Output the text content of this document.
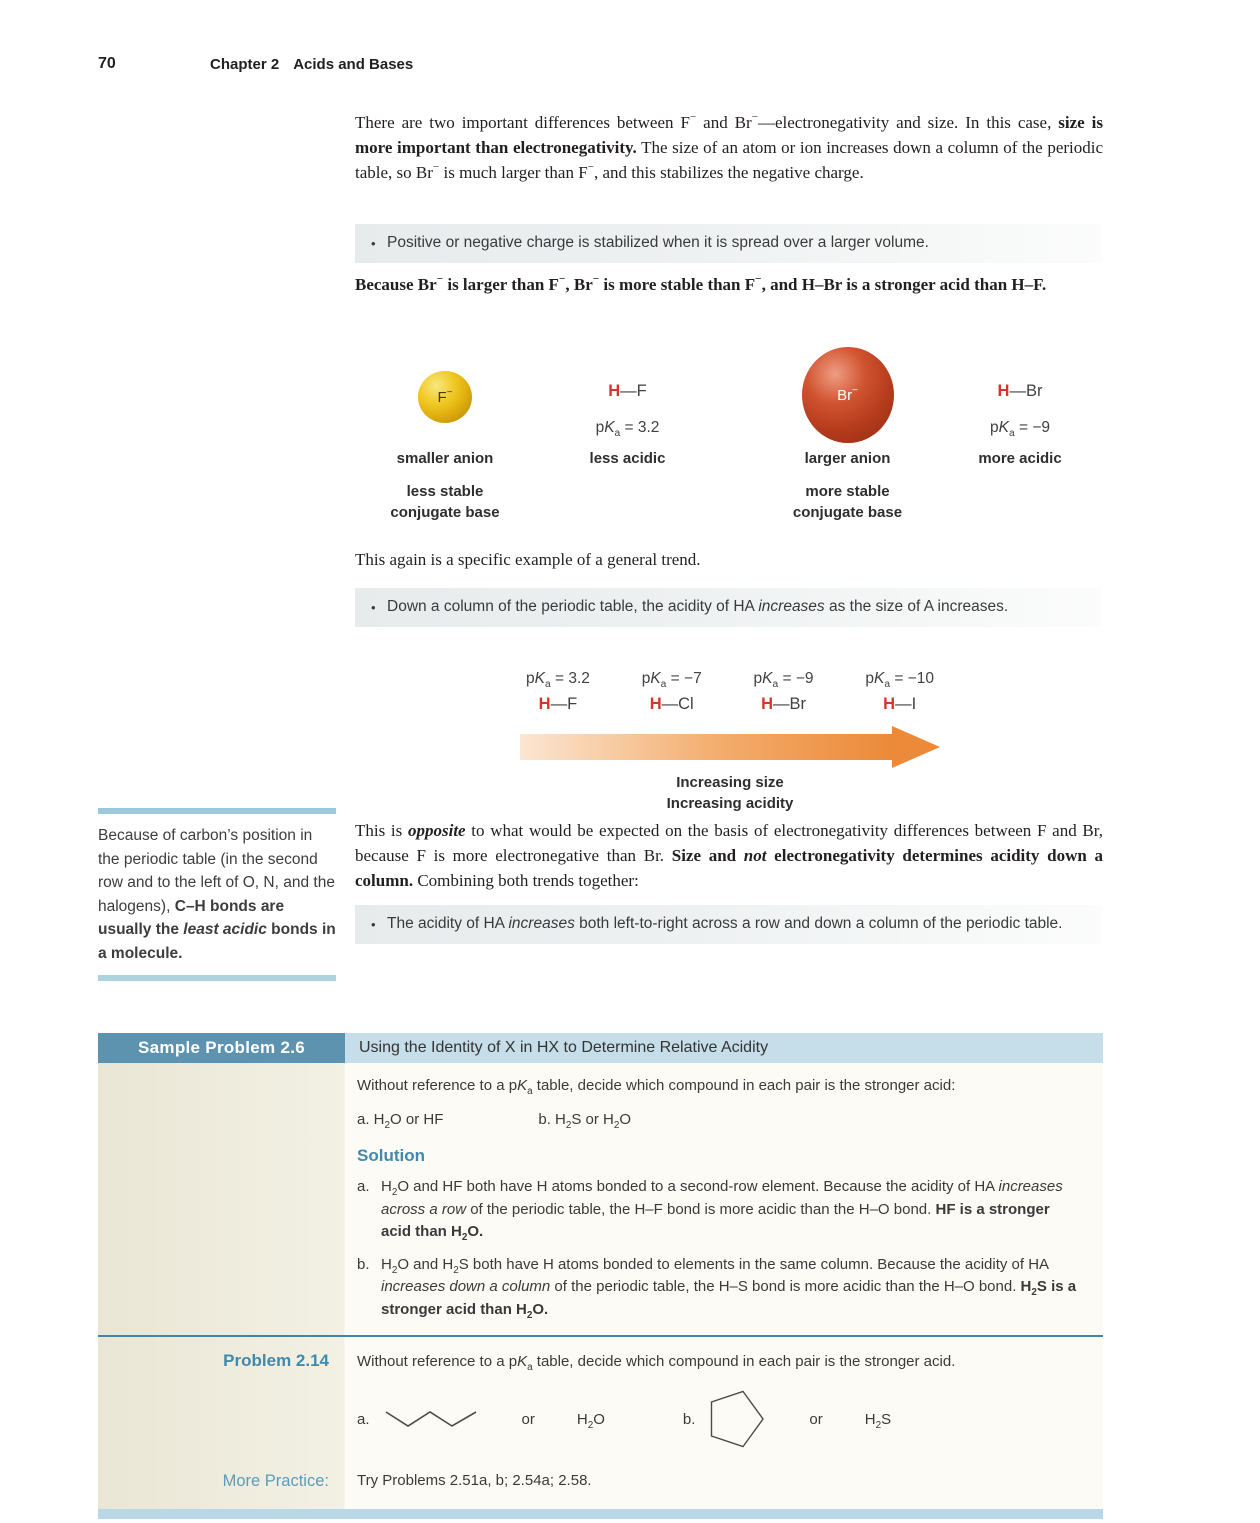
70	Chapter 2 Acids and Bases

There are two important differences between F− and Br−—electronegativity and size. In this case, size is more important than electronegativity. The size of an atom or ion increases down a column of the periodic table, so Br− is much larger than F−, and this stabilizes the negative charge.

• Positive or negative charge is stabilized when it is spread over a larger volume.

Because Br− is larger than F−, Br− is more stable than F−, and H–Br is a stronger acid than H–F.

F−
smaller anion
less stable
conjugate base
H—F
$pK_a = 3.2$
less acidic
Br−
larger anion
more stable
conjugate base
H—Br
$pK_a = -9$
more acidic

This again is a specific example of a general trend.

• Down a column of the periodic table, the acidity of HA increases as the size of A increases.
$pK_a = 3.2$
H—F
$pK_a = -7$
H—Cl
$pK_a = -9$
H—Br
$pK_a = -10$
H—I
Increasing size
Increasing acidity
Because of carbon’s position in the periodic table (in the second row and to the left of O, N, and the halogens), C–H bonds are usually the least acidic bonds in a molecule.

This is opposite to what would be expected on the basis of electronegativity differences between F and Br, because F is more electronegative than Br. Size and not electronegativity determines acidity down a column. Combining both trends together:

• The acidity of HA increases both left-to-right across a row and down a column of the periodic table.
Sample Problem 2.6	Using the Identity of X in HX to Determine Relative Acidity
Without reference to a $pK_a$ table, decide which compound in each pair is the stronger acid:
a. $H_2O$ or HF	b. $H_2S$ or $H_2O$
Solution
a. $H_2O$ and HF both have H atoms bonded to a second-row element. Because the acidity of HA increases across a row of the periodic table, the H–F bond is more acidic than the H–O bond. HF is a stronger acid than $H_2O$.
b. $H_2O$ and $H_2S$ both have H atoms bonded to elements in the same column. Because the acidity of HA increases down a column of the periodic table, the H–S bond is more acidic than the H–O bond. $H_2S$ is a stronger acid than $H_2O$.
Problem 2.14	Without reference to a $pK_a$ table, decide which compound in each pair is the stronger acid.
a.	or	$H_2O$	b.	or	$H_2S$
More Practice:	Try Problems 2.51a, b; 2.54a; 2.58.
